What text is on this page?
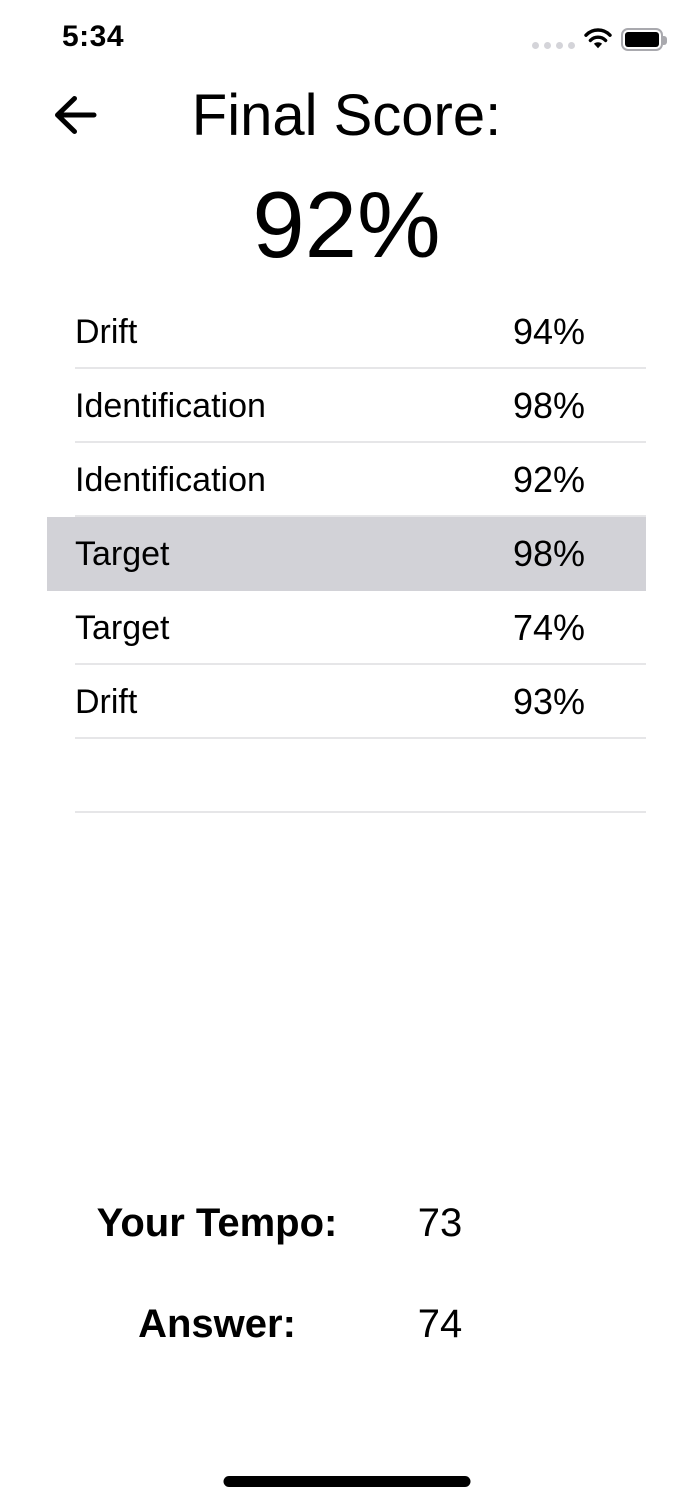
5:34
Final Score:
92%
Drift	94%
Identification	98%
Identification	92%
Target	98%
Target	74%
Drift	93%
Your Tempo: 73
Answer:	74
